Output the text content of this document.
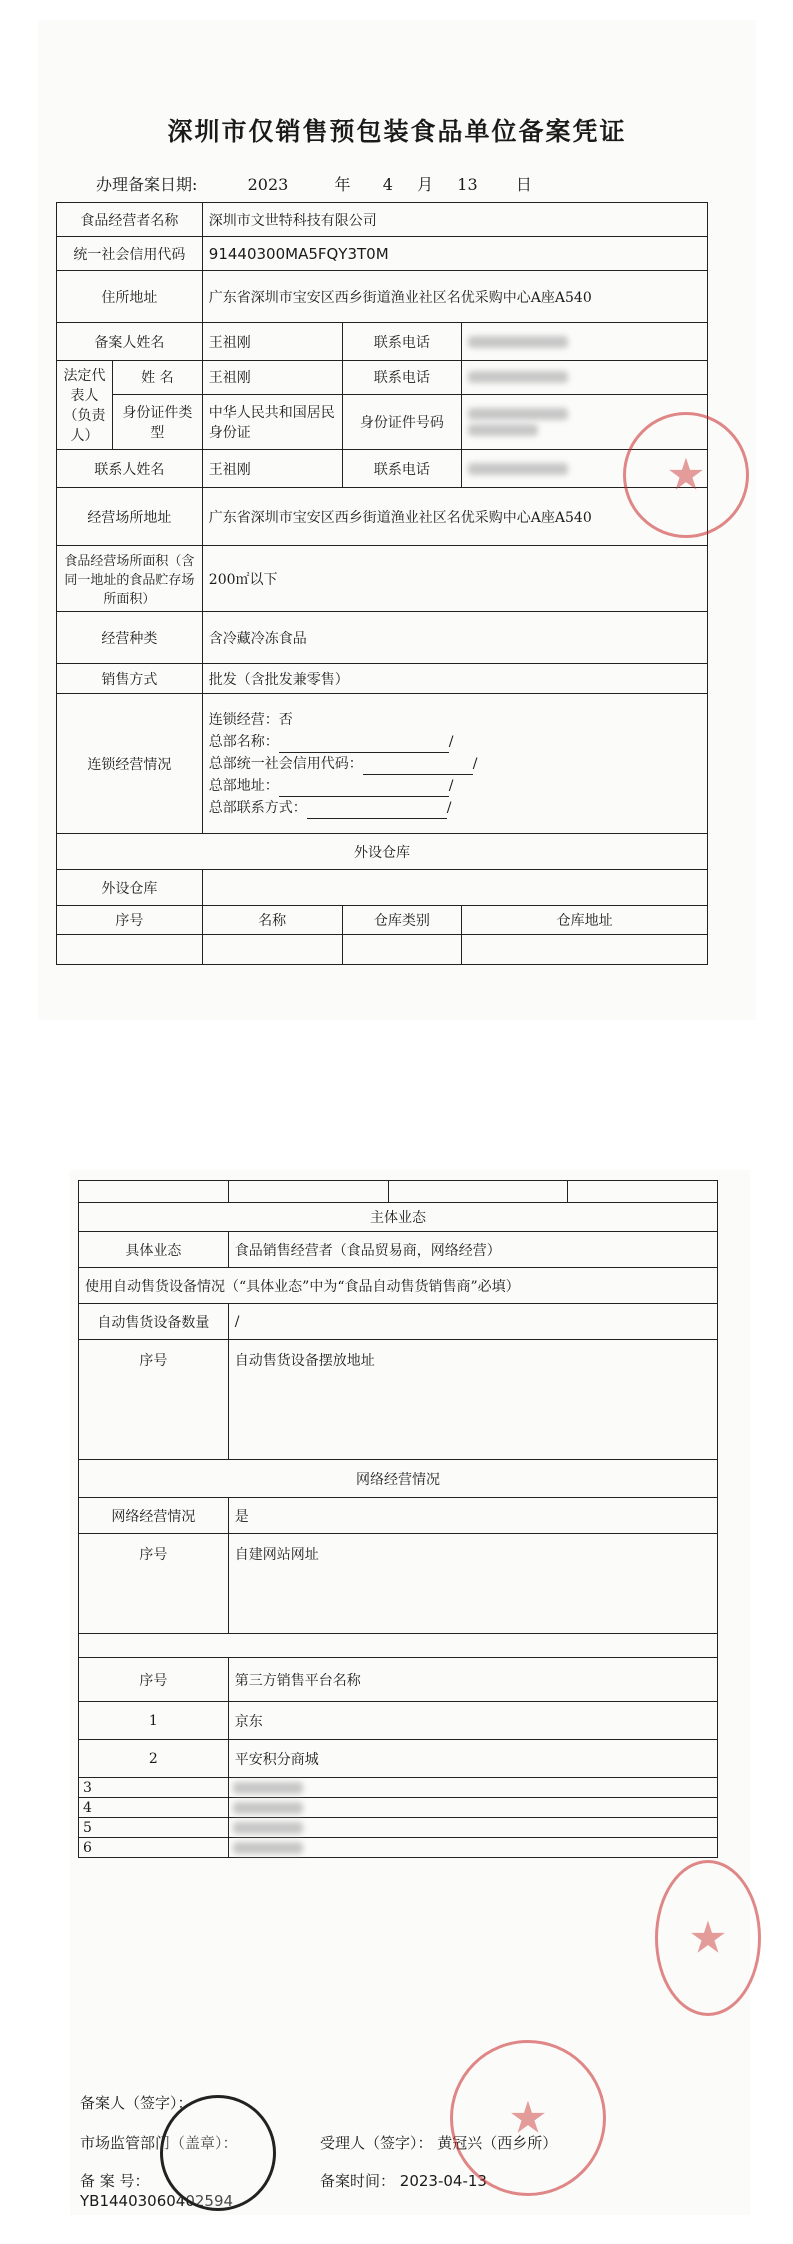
深圳市仅销售预包装食品单位备案凭证
办理备案日期:	2023	年 4 月 13 日
食品经营者名称		深圳市文世特科技有限公司		
统一社会信用代码		91440300MA5FQY3T0M		
住所地址		广东省深圳市宝安区西乡街道渔业社区名优采购中心A座A540		
备案人姓名		王祖刚	联系电话	
法定代表人（负责人）	姓 名	王祖刚	联系电话	
	身份证件类型	中华人民共和国居民身份证	身份证件号码	

联系人姓名		王祖刚	联系电话	
经营场所地址		广东省深圳市宝安区西乡街道渔业社区名优采购中心A座A540		
食品经营场所面积（含同一地址的食品贮存场所面积）		200㎡以下		
经营种类		含冷藏冷冻食品		
销售方式		批发（含批发兼零售）		
连锁经营情况		连锁经营：否
总部名称： /
总部统一社会信用代码： /
总部地址： /
总部联系方式： /		

外设仓库				
外设仓库				
序号		名称	仓库类别	仓库地址

★

主体业态			
具体业态	食品销售经营者（食品贸易商，网络经营）		
使用自动售货设备情况（“具体业态”中为“食品自动售货销售商”必填）			
自动售货设备数量	/		
序号	自动售货设备摆放地址		
网络经营情况			
网络经营情况	是		
序号	自建网站网址		

序号	第三方销售平台名称		
1	京东		
2	平安积分商城		
3			
4			
5			
6			
备案人（签字）：
市场监管部门（盖章）：	受理人（签字）： 黄冠兴（西乡所）
备 案 号：
YB14403060402594
备案时间： 2023-04-13
★
★
